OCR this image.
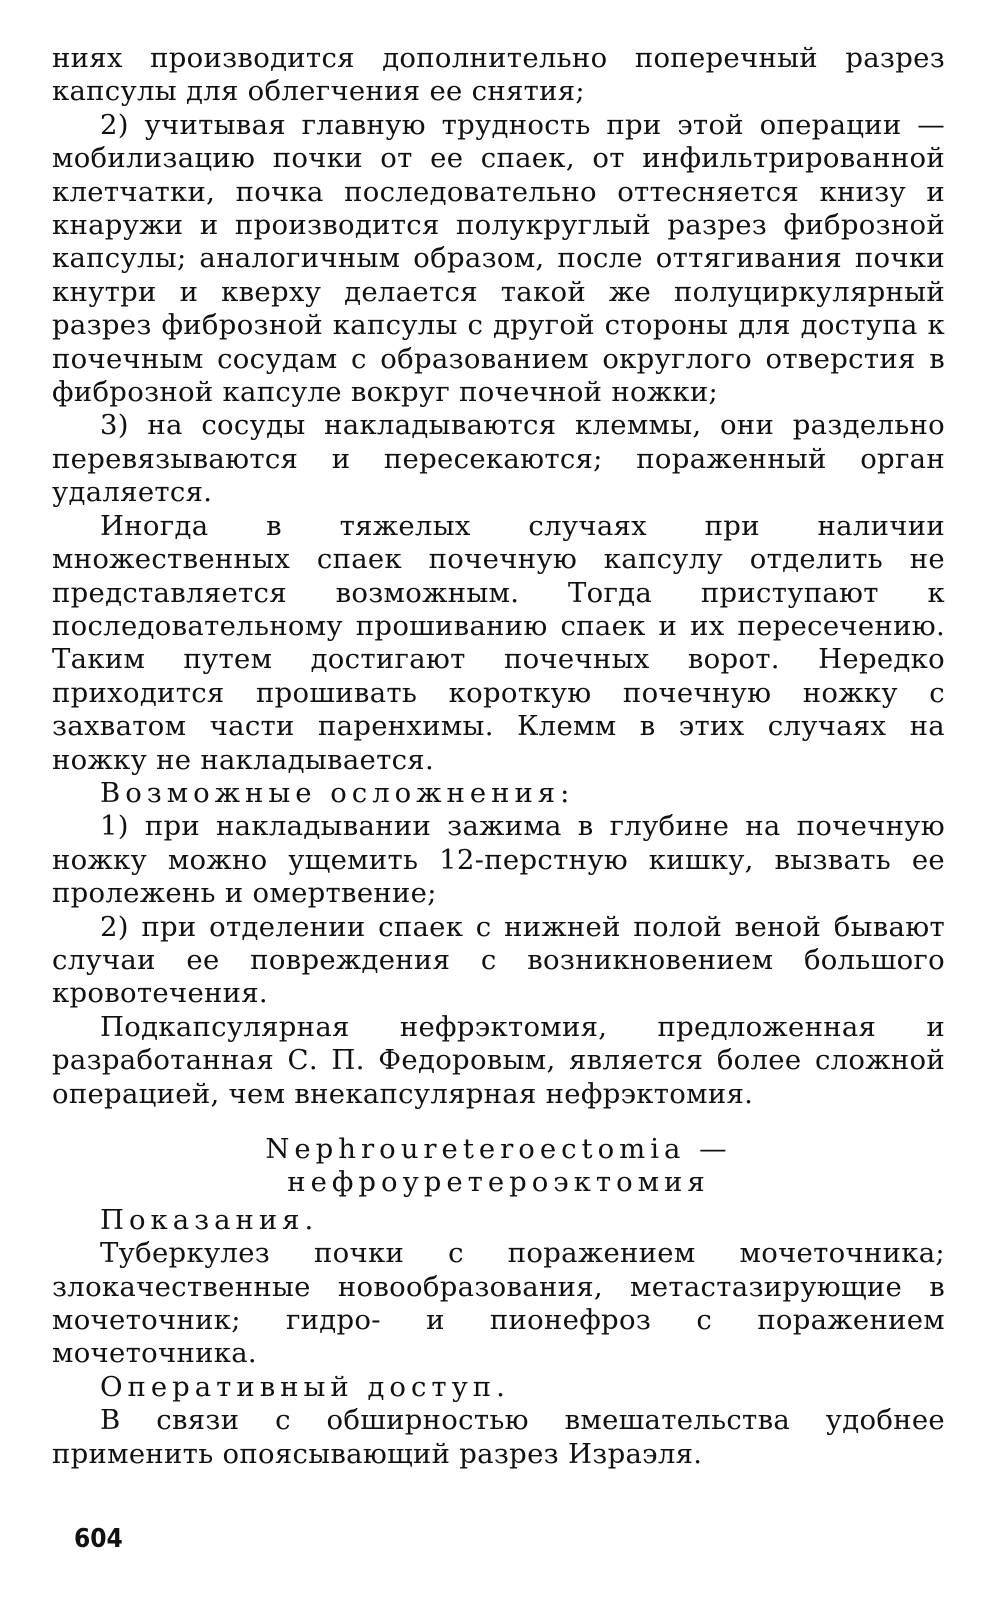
ниях производится дополнительно поперечный разрез капсулы для облегчения ее снятия;

2) учитывая главную трудность при этой операции — мобилизацию почки от ее спаек, от инфильтрированной клетчатки, почка последовательно оттесняется книзу и кнаружи и производится полукруглый разрез фиброзной капсулы; аналогичным образом, после оттягивания почки кнутри и кверху делается такой же полуциркулярный разрез фиброзной капсулы с другой стороны для доступа к почечным сосудам с образованием округлого отверстия в фиброзной капсуле вокруг почечной ножки;

3) на сосуды накладываются клеммы, они раздельно перевязываются и пересекаются; пораженный орган удаляется.

Иногда в тяжелых случаях при наличии множественных спаек почечную капсулу отделить не представляется возможным. Тогда приступают к последовательному прошиванию спаек и их пересечению. Таким путем достигают почечных ворот. Нередко приходится прошивать короткую почечную ножку с захватом части паренхимы. Клемм в этих случаях на ножку не накладывается.

Возможные осложнения:

1) при накладывании зажима в глубине на почечную ножку можно ущемить 12-перстную кишку, вызвать ее пролежень и омертвение;

2) при отделении спаек с нижней полой веной бывают случаи ее повреждения с возникновением большого кровотечения.

Подкапсулярная нефрэктомия, предложенная и разработанная С. П. Федоровым, является более сложной операцией, чем внекапсулярная нефрэктомия.

Nephroureteroectomia —
нефроуретероэктомия

Показания.

Туберкулез почки с поражением мочеточника; злокачественные новообразования, метастазирующие в мочеточник; гидро- и пионефроз с поражением мочеточника.

Оперативный доступ.

В связи с обширностью вмешательства удобнее применить опоясывающий разрез Израэля.

604
